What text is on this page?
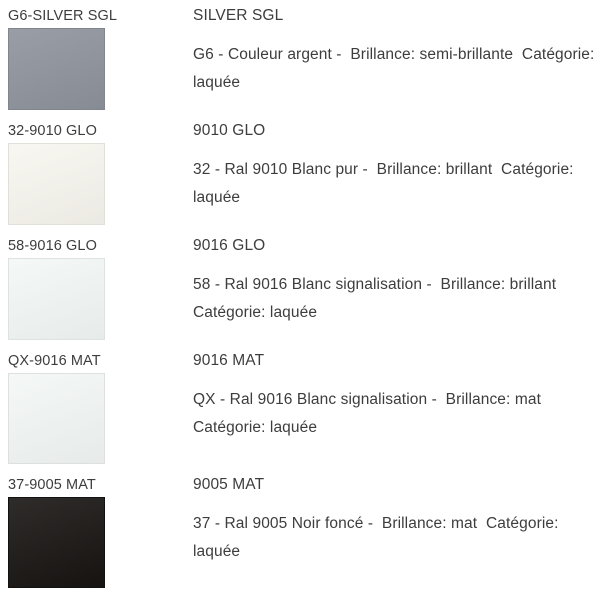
G6-SILVER SGL	SILVER SGL
G6 - Couleur argent -  Brillance: semi-brillante  Catégorie:
laquée
32-9010 GLO	9010 GLO
32 - Ral 9010 Blanc pur -  Brillance: brillant  Catégorie:
laquée
58-9016 GLO	9016 GLO
58 - Ral 9016 Blanc signalisation -  Brillance: brillant
Catégorie: laquée
QX-9016 MAT	9016 MAT
QX - Ral 9016 Blanc signalisation -  Brillance: mat
Catégorie: laquée
37-9005 MAT	9005 MAT
37 - Ral 9005 Noir foncé -  Brillance: mat  Catégorie:
laquée
